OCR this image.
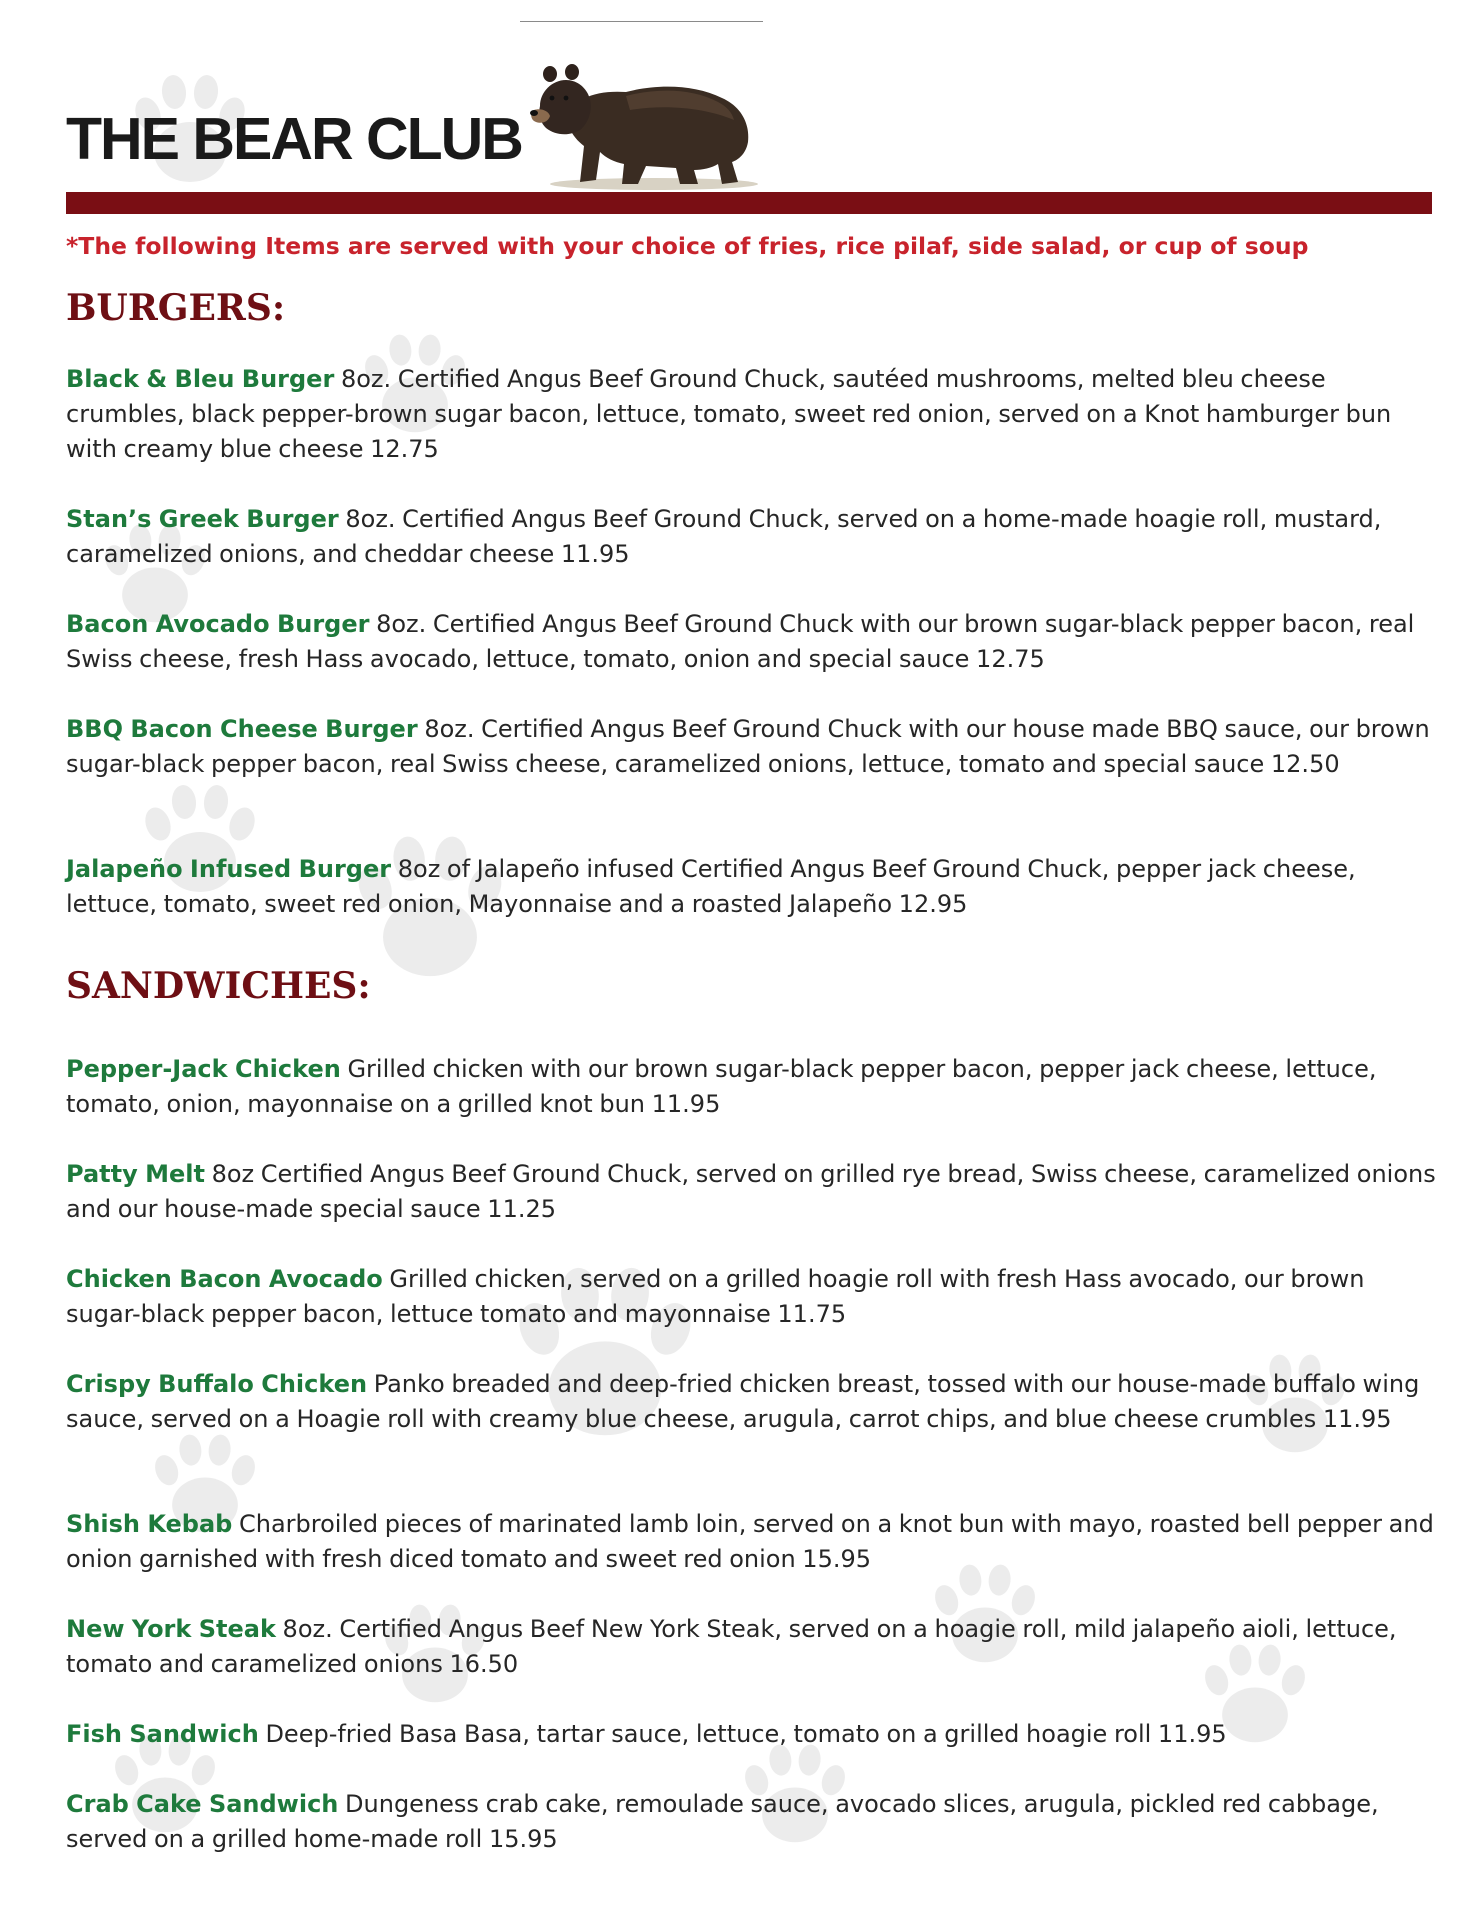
THE BEAR CLUB
*The following Items are served with your choice of fries, rice pilaf, side salad, or cup of soup
BURGERS:
Black & Bleu Burger 8oz. Certified Angus Beef Ground Chuck, sautéed mushrooms, melted bleu cheese crumbles, black pepper-brown sugar bacon, lettuce, tomato, sweet red onion, served on a Knot hamburger bun with creamy blue cheese 12.75
Stan’s Greek Burger 8oz. Certified Angus Beef Ground Chuck, served on a home-made hoagie roll, mustard, caramelized onions, and cheddar cheese 11.95
Bacon Avocado Burger 8oz. Certified Angus Beef Ground Chuck with our brown sugar-black pepper bacon, real Swiss cheese, fresh Hass avocado, lettuce, tomato, onion and special sauce 12.75
BBQ Bacon Cheese Burger 8oz. Certified Angus Beef Ground Chuck with our house made BBQ sauce, our brown sugar-black pepper bacon, real Swiss cheese, caramelized onions, lettuce, tomato and special sauce 12.50
Jalapeño Infused Burger 8oz of Jalapeño infused Certified Angus Beef Ground Chuck, pepper jack cheese, lettuce, tomato, sweet red onion, Mayonnaise and a roasted Jalapeño 12.95
SANDWICHES:
Pepper-Jack Chicken Grilled chicken with our brown sugar-black pepper bacon, pepper jack cheese, lettuce, tomato, onion, mayonnaise on a grilled knot bun 11.95
Patty Melt 8oz Certified Angus Beef Ground Chuck, served on grilled rye bread, Swiss cheese, caramelized onions and our house-made special sauce 11.25
Chicken Bacon Avocado Grilled chicken, served on a grilled hoagie roll with fresh Hass avocado, our brown sugar-black pepper bacon, lettuce tomato and mayonnaise 11.75
Crispy Buffalo Chicken Panko breaded and deep-fried chicken breast, tossed with our house-made buffalo wing sauce, served on a Hoagie roll with creamy blue cheese, arugula, carrot chips, and blue cheese crumbles 11.95
Shish Kebab Charbroiled pieces of marinated lamb loin, served on a knot bun with mayo, roasted bell pepper and onion garnished with fresh diced tomato and sweet red onion 15.95
New York Steak 8oz. Certified Angus Beef New York Steak, served on a hoagie roll, mild jalapeño aioli, lettuce, tomato and caramelized onions 16.50
Fish Sandwich Deep-fried Basa Basa, tartar sauce, lettuce, tomato on a grilled hoagie roll 11.95
Crab Cake Sandwich Dungeness crab cake, remoulade sauce, avocado slices, arugula, pickled red cabbage, served on a grilled home-made roll 15.95
